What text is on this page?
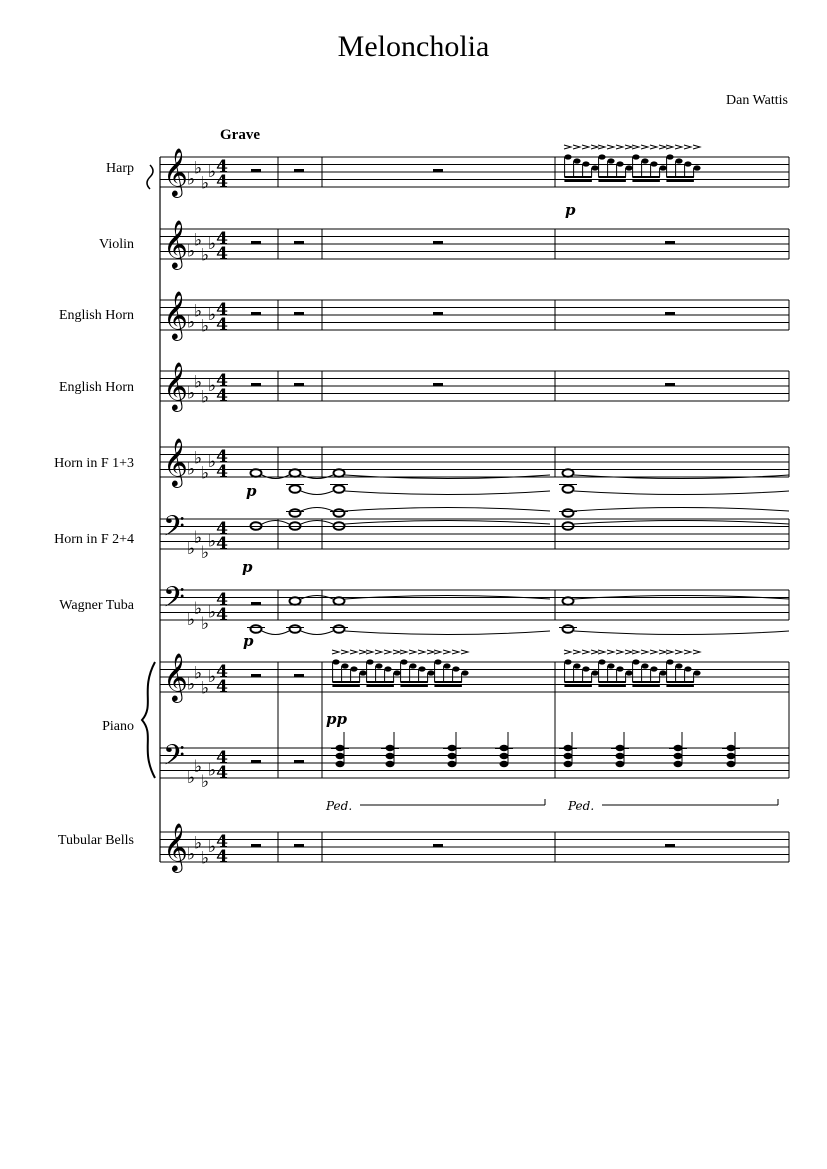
Meloncholia
Dan Wattis
Grave
Harp
Violin
English Horn
English Horn
Horn in F 1+3
Horn in F 2+4
Wagner Tuba
Piano
Tubular Bells
𝄞
𝄞
𝄞
𝄞
𝄞
𝄢
𝄢
𝄞
𝄢
𝄞
♭
♭
♭
♭
♭
♭
♭
♭
♭
♭
♭
♭
♭
♭
♭
♭
♭
♭
♭
♭
♭
♭
♭
♭
♭
♭
♭
♭
♭
♭
♭
♭
♭
♭
♭
♭
♭
♭
♭
♭
4
4
4
4
4
4
4
4
4
4
4
4
4
4
4
4
4
4
4
4
p
p
p
p
pp
Ped.	Ped.
